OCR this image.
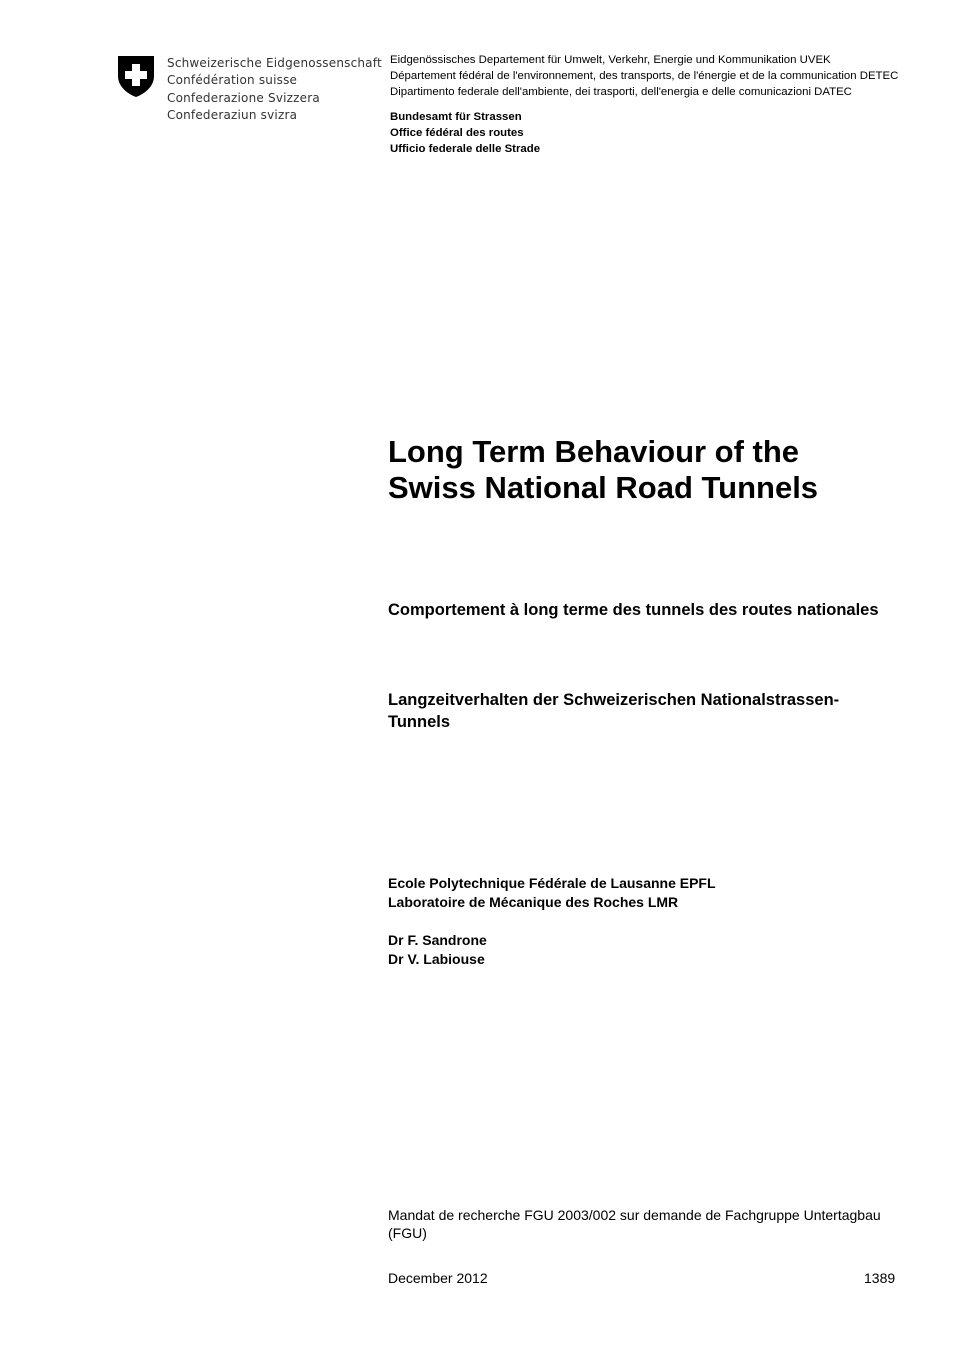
Schweizerische Eidgenossenschaft
Confédération suisse
Confederazione Svizzera
Confederaziun svizra
Eidgenössisches Departement für Umwelt, Verkehr, Energie und Kommunikation UVEK
Département fédéral de l'environnement, des transports, de l'énergie et de la communication DETEC
Dipartimento federale dell'ambiente, dei trasporti, dell'energia e delle comunicazioni DATEC
Bundesamt für Strassen
Office fédéral des routes
Ufficio federale delle Strade
Long Term Behaviour of the
Swiss National Road Tunnels

Comportement à long terme des tunnels des routes nationales

Langzeitverhalten der Schweizerischen Nationalstrassen-Tunnels

Ecole Polytechnique Fédérale de Lausanne EPFL
Laboratoire de Mécanique des Roches LMR
Dr F. Sandrone
Dr V. Labiouse
Mandat de recherche FGU 2003/002 sur demande de Fachgruppe Untertagbau (FGU)
December 2012	1389
